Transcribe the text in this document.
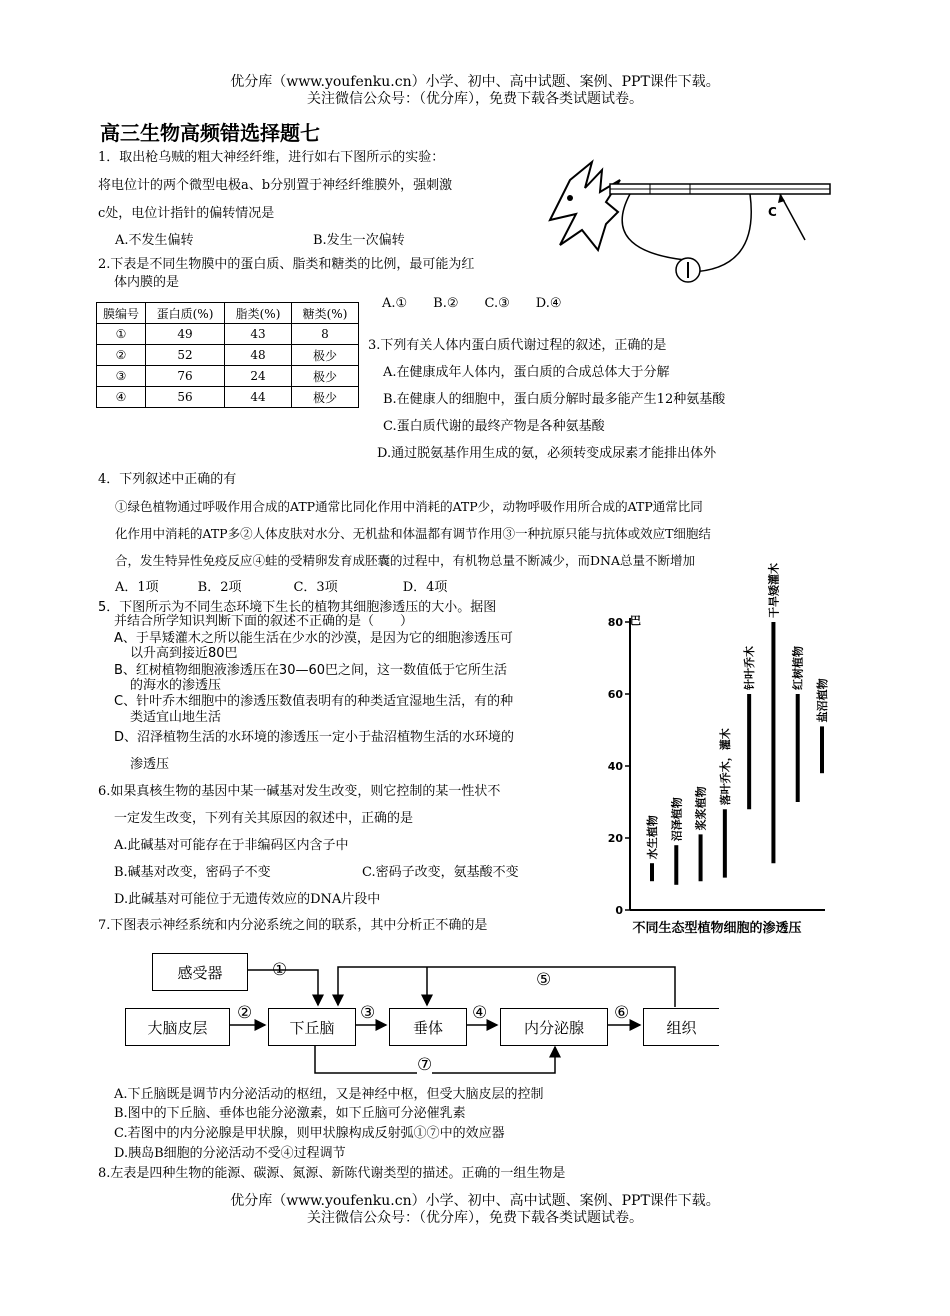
优分库（www.youfenku.cn）小学、初中、高中试题、案例、PPT课件下载。
关注微信公众号：（优分库），免费下载各类试题试卷。
高三生物高频错选择题七
1．取出枪乌贼的粗大神经纤维，进行如右下图所示的实验：
将电位计的两个微型电极a、b分别置于神经纤维膜外，强刺激
c处，电位计指针的偏转情况是
A.不发生偏转	B.发生一次偏转
C
2.下表是不同生物膜中的蛋白质、脂类和糖类的比例，最可能为红
体内膜的是
A.①　　B.②　　C.③　　D.④
膜编号	蛋白质(%)	脂类(%)	糖类(%)
①	49	43	8
②	52	48	极少
③	76	24	极少
④	56	44	极少
3.下列有关人体内蛋白质代谢过程的叙述，正确的是
A.在健康成年人体内，蛋白质的合成总体大于分解
B.在健康人的细胞中，蛋白质分解时最多能产生12种氨基酸
C.蛋白质代谢的最终产物是各种氨基酸
D.通过脱氨基作用生成的氨，必须转变成尿素才能排出体外
4．下列叙述中正确的有
①绿色植物通过呼吸作用合成的ATP通常比同化作用中消耗的ATP少，动物呼吸作用所合成的ATP通常比同
化作用中消耗的ATP多②人体皮肤对水分、无机盐和体温都有调节作用③一种抗原只能与抗体或效应T细胞结
合，发生特异性免疫反应④蛙的受精卵发育成胚囊的过程中，有机物总量不断减少，而DNA总量不断增加
A．1项　　　B．2项　　　　C．3项　　　　　D．4项
5．下图所示为不同生态环境下生长的植物其细胞渗透压的大小。据图
并结合所学知识判断下面的叙述不正确的是（　　）
A、于旱矮灌木之所以能生活在少水的沙漠，是因为它的细胞渗透压可
以升高到接近80巴
B、红树植物细胞液渗透压在30—60巴之间，这一数值低于它所生活
的海水的渗透压
C、针叶乔木细胞中的渗透压数值表明有的种类适宜湿地生活，有的种
类适宜山地生活
D、沼泽植物生活的水环境的渗透压一定小于盐沼植物生活的水环境的
渗透压
巴
不同生态型植物细胞的渗透压
0
20
40
60
80
水生植物 沼泽植物 浆浆植物
落叶乔木，灌木
针叶乔木
干旱矮灌木
红树植物
盐沼植物
6.如果真核生物的基因中某一碱基对发生改变，则它控制的某一性状不
一定发生改变，下列有关其原因的叙述中，正确的是
A.此碱基对可能存在于非编码区内含子中
B.碱基对改变，密码子不变	C.密码子改变，氨基酸不变
D.此碱基对可能位于无遗传效应的DNA片段中
7.下图表示神经系统和内分泌系统之间的联系，其中分析正不确的是
感受器
大脑皮层	下丘脑	垂体	内分泌腺	组织
①
②	③	④
⑤
⑥
⑦
A.下丘脑既是调节内分泌活动的枢纽，又是神经中枢，但受大脑皮层的控制
B.图中的下丘脑、垂体也能分泌激素，如下丘脑可分泌催乳素
C.若图中的内分泌腺是甲状腺，则甲状腺构成反射弧①⑦中的效应器
D.胰岛B细胞的分泌活动不受④过程调节
8.左表是四种生物的能源、碳源、氮源、新陈代谢类型的描述。正确的一组生物是
优分库（www.youfenku.cn）小学、初中、高中试题、案例、PPT课件下载。
关注微信公众号：（优分库），免费下载各类试题试卷。
